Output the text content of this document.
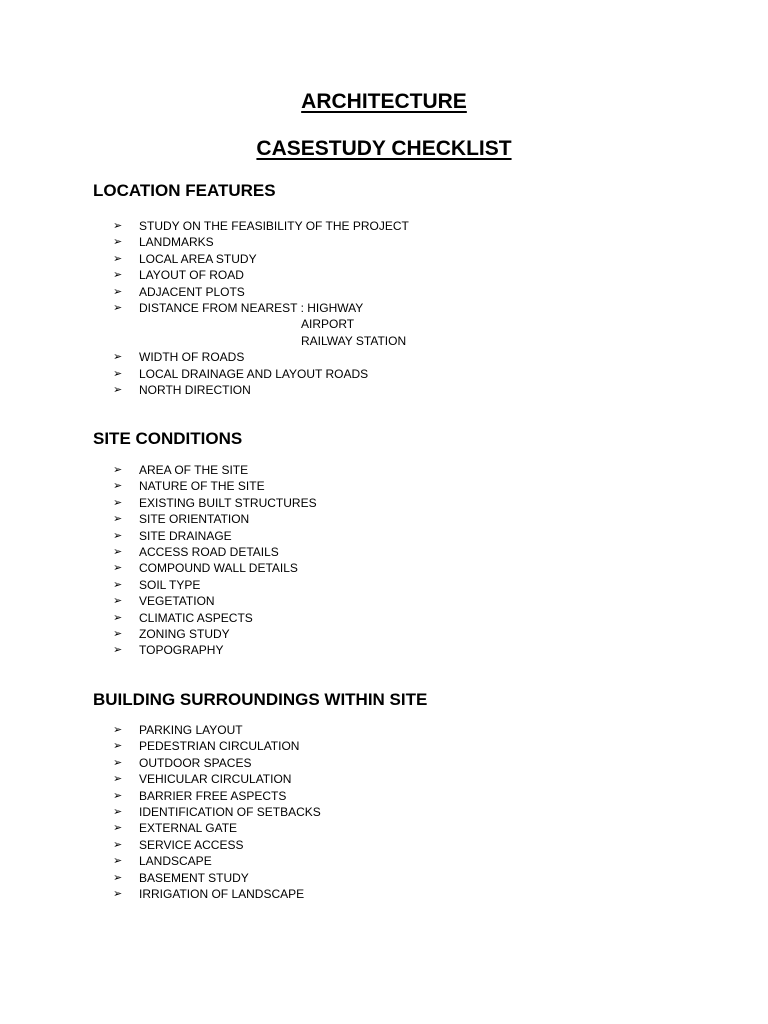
ARCHITECTURE
CASESTUDY CHECKLIST
LOCATION FEATURES
➢	STUDY ON THE FEASIBILITY OF THE PROJECT
➢	LANDMARKS
➢	LOCAL AREA STUDY
➢	LAYOUT OF ROAD
➢	ADJACENT PLOTS
➢	DISTANCE FROM NEAREST : HIGHWAY
AIRPORT
RAILWAY STATION
➢	WIDTH OF ROADS
➢	LOCAL DRAINAGE AND LAYOUT ROADS
➢	NORTH DIRECTION
SITE CONDITIONS
➢	AREA OF THE SITE
➢	NATURE OF THE SITE
➢	EXISTING BUILT STRUCTURES
➢	SITE ORIENTATION
➢	SITE DRAINAGE
➢	ACCESS ROAD DETAILS
➢	COMPOUND WALL DETAILS
➢	SOIL TYPE
➢	VEGETATION
➢	CLIMATIC ASPECTS
➢	ZONING STUDY
➢	TOPOGRAPHY
BUILDING SURROUNDINGS WITHIN SITE
➢	PARKING LAYOUT
➢	PEDESTRIAN CIRCULATION
➢	OUTDOOR SPACES
➢	VEHICULAR CIRCULATION
➢	BARRIER FREE ASPECTS
➢	IDENTIFICATION OF SETBACKS
➢	EXTERNAL GATE
➢	SERVICE ACCESS
➢	LANDSCAPE
➢	BASEMENT STUDY
➢	IRRIGATION OF LANDSCAPE
